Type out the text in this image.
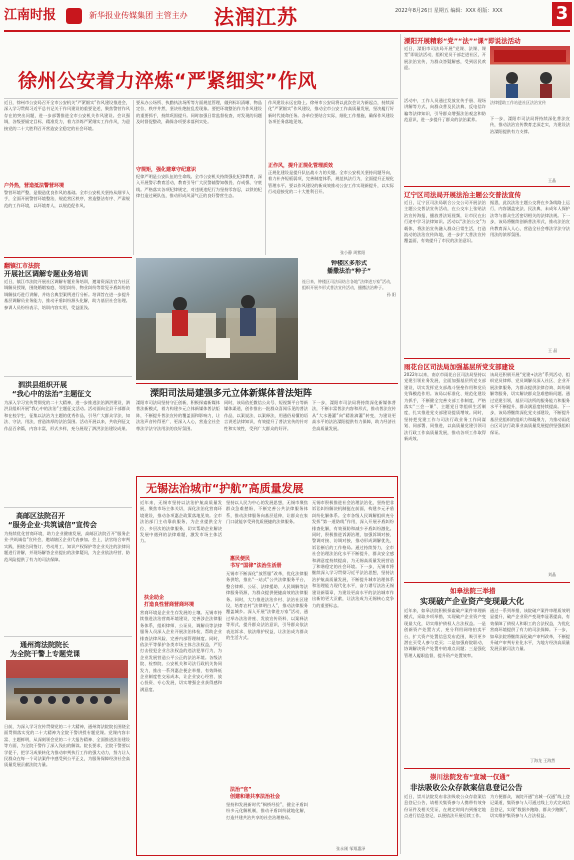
江南时报	新华报业传媒集团 主管主办	法润江苏	2022年8月26日 星期五 编辑：XXX 组版：XXX	3
徐州公安着力淬炼“严紧细实”作风
近日，徐州市公安局召开全市公安机关“严紧细实”作风建设推进会，深入学习贯彻习近平总书记关于作风建设的重要论述，聚焦警营作风存在的突出问题，进一步部署推进全市公安机关作风建设。会议强调，各级要锚定目标、精准发力，着力淬炼严紧细实工作作风，为迎接党的二十大胜利召开营造安全稳定的社会环境。
户外热，营造抵法警营环境
警营环境严整，是锻造优良作风的基础。全市公安机关坚持从细节入手，全面开展警营环境整治，规范营区秩序，营造整洁有序、严肃规范的工作环境，以环境育人，以规范促作风。
要从办公场所、执勤执法场所等方面规范管理，做到标识清晰、物品定位、秩序井然，坚决杜绝脏乱差现象。要把环境整治作为作风建设的重要抓手，持续巩固提升。同时加强日常监督检查，对发现的问题及时督促整改，确保各项要求落到实处。
守规矩，强化建章守纪意识
纪律严明是公安队伍的生命线。全市公安机关持续强化纪律教育，深入开展警示教育活动，教育引导广大民警辅警知敬畏、存戒惧、守底线。严格落实各项纪律规定，对违规违纪行为坚持零容忍，以铁的纪律打造过硬队伍，推动形成风清气正的良好警营生态。
作风建设永远在路上。徐州市公安局将以此次会议为新起点，持续深化“严紧细实”作风建设，推动全市公安工作高质量发展，坚决履行好新时代使命任务。各单位要结合实际，细化工作措施，确保作风建设各项任务落地见效。
正作风，提升正规化管理质效
正规化建设是提升队伍战斗力的关键。全市公安机关坚持问题导向，着力补齐短板弱项，完善制度体系，规范执法行为，全面提升正规化管理水平。要以作风建设的新成效推动公安工作实现新提升，以实际行动迎接党的二十大胜利召开。
张小静 周紫阳
翻镇江市法院
开展社区调解专题业务培训
近日，镇江市法院开展社区调解专题业务培训，邀请资深法官为社区调解员授课，围绕婚姻家庭、邻里纠纷、物业纠纷等常见矛盾纠纷的调解技巧进行讲解，并结合典型案例进行分析。培训旨在进一步提升基层调解员业务能力，推动矛盾纠纷源头化解，助力基层社会治理。参训人员纷纷表示，培训内容实用，受益匪浅。
泗洪县组织开展
“我心中的法治”主题征文
为深入学习宣传贯彻党的二十大精神，进一步推进法治泗洪建设，泗洪县组织开展“我心中的法治”主题征文活动。活动面向全县干部群众和在校学生，征集以法治为主题的优秀作品，引导广大群众学法、知法、守法、用法，营造浓厚的法治氛围。活动开展以来，共收到征文作品百余篇，内容丰富，形式多样，充分展现了泗洪法治建设成果。
高邮区法院召开
“服务企业·共筑诚信”宣传会
为持续优化营商环境，助力企业健康发展，高邮区法院召开“服务企业·共筑诚信”宣传会，邀请辖区企业代表参加。会上，法官结合审判实践，围绕合同签订、劳动用工、知识产权保护等企业关注的法律问题进行讲解，并现场解答企业提出的法律疑问，为企业依法经营、防范风险提供了有力的司法保障。
通州湾法院院长
为全院干警上专题党课
日前，为深入学习宣传贯彻党的二十大精神，通州湾法院院长围绕全面贯彻落实党的二十大精神为全院干警讲授专题党课。党课内容丰富、主题鲜明，从深刻领会党的二十大报告精神、全面推进法治建设等方面，为全院干警作了深入浅出的解读。院长要求，全院干警要以学促干，把学习成果转化为推动审判执行工作的强大动力，努力让人民群众在每一个司法案件中感受到公平正义，为服务保障经济社会高质量发展贡献法院力量。
钟楼区多形式
播撒法治“种子”
连日来，钟楼区司法局结合各地“法律进万家”活动，组织开展多形式普法宣传活动，播撒法治种子。
孙 阳
溧阳司法局建强多元立体新媒体普法矩阵
溧阳市司法局坚持守正创新，积极探索新媒体普法新模式，着力构建多元立体新媒体普法矩阵，不断提升普法宣传的覆盖面和影响力，让法治声音传得更广、更深入人心，营造全社会尊法学法守法用法的良好氛围。
同时，该局依托微信公众号、短视频平台等新媒体渠道，创作推出一批群众喜闻乐见的普法作品，以案说法、以案释法，用通俗易懂的语言讲述法律知识，有效提升了普法宣传的针对性和实效性，受到广大群众的好评。
下一步，溧阳市司法局将持续深化新媒体普法，不断丰富普法内容和形式，推动普法宣传从“大水漫灌”向“精准滴灌”转变，为建设更高水平的法治溧阳提供有力保障，助力经济社会高质量发展。
无锡法治城市“护航”高质量发展
近年来，无锡市坚持以法治护航高质量发展，聚焦市场主体关切，深化法治化营商环境建设，推动各项惠企政策落地见效。全市法治部门主动靠前服务，为企业提供全方位、多层次的法律服务，切实帮助企业解决发展中遇到的法律难题，激发市场主体活力。
扶企助企
打造良性营商营商环境
营商环境是企业生存发展的土壤。无锡市持续推进法治营商环境建设，完善涉企法律服务体系，组织律师、公证员、调解员等法律服务人员深入企业开展法治体检，帮助企业排查法律风险、完善内部管理制度。同时，依法平等保护各类市场主体合法权益，严厉打击侵犯企业合法权益的违法犯罪行为，为企业发展营造公平公正的法治环境。各级法院、检察院、公安机关和司法行政机关协同发力，推出一系列惠企便企举措，有效降低企业制度性交易成本，让企业安心经营、放心投资、专心发展，切实增强企业获得感和满意度。
坚持以人民为中心的发展思想，无锡市聚焦群众急难愁盼，不断完善公共法律服务体系，推动法律服务向基层延伸，让群众在家门口就能享受到优质便捷的法律服务。
惠民便民
书写“国律”法治生活册
无锡市不断深化“放管服”改革，优化法律服务供给，推出“一站式”公共法律服务平台，整合律师、公证、法律援助、人民调解等法律服务资源，为群众提供便捷高效的法律服务。同时，大力推进法治乡村、法治社区建设，培育农村“法律明白人”，推动法律服务覆盖城乡。深入开展“法律进万家”活动，通过举办法治讲座、发放宣传资料、以案释法等形式，提升群众法治意识，引导群众依法表达诉求、依法维护权益，让法治成为群众的生活方式。
法治“官”
创建和谐共享法治社会
坚持和发展新时代“枫桥经验”，健全矛盾纠纷多元化解机制，推动矛盾纠纷就地化解，打造共建共治共享的社会治理格局。
无锡市积极推进社会治理法治化，坚持把非诉讼纠纷解决机制挺在前面，构建多元矛盾纠纷化解体系。全市各级人民调解组织充分发挥“第一道防线”作用，深入开展矛盾纠纷排查化解，有效预防和减少矛盾纠纷激化。同时，积极推进诉源治理，加强诉调对接、警调对接、访调对接，推动形成调解优先、诉讼断后的工作格局。通过持续努力，全市社会治理法治化水平不断提升，群众安全感和满意度持续提高，为无锡高质量发展营造了和谐稳定的社会环境。下一步，无锡市将继续深入学习贯彻习近平法治思想，坚持法治护航高质量发展，不断提升城市治理体系和治理能力现代化水平，奋力谱写法治无锡建设新篇章，为建设更高水平的法治城市作出新的更大贡献，让法治成为无锡核心竞争力的重要标志。
张永刚 邹翔惠泽
溧阳开展精彩“党”“法”“课”即说法活动
近日，溧阳市司法局开展“党课、法课、课堂”即说法活动，组织党员干部走进社区，开展法治宣传，为群众答疑解惑，受到居民欢迎。
活动中，工作人员通过发放宣传手册、现场讲解等方式，向群众普及民法典、反电信诈骗等法律知识，引导群众增强法治观念和防范意识，进一步提升了群众的法治素养。
法律援助工作站进社区法治宣传
下一步，溧阳市司法局将持续深化普法宣传，推动法治宣传教育走深走实，为建设法治溧阳提供有力支撑。
王晶
辽宁区司法局开展法治主题公交普法宣传
近日，辽宁区司法局联合公交公司开展法治主题公交普法宣传活动，在公交车上张贴法治宣传海报，播放普法短视频，让市民在出行途中学习法律知识。活动以“法治公交”为载体，将法治宣传融入群众日常生活，打造流动的法治宣传阵地，进一步扩大普法宣传覆盖面，有效提升了市民的法治意识。
据悉，此次法治主题公交将在多条线路上运行，内容涵盖宪法、民法典、未成年人保护法等与群众生活密切相关的法律法规。下一步，该局将继续创新普法形式，推动法治宣传教育深入人心，营造全社会尊法学法守法用法的浓厚氛围。
王 晶
雨花台区司法局加强基层所党支部建设
2022年以来，南京市雨花台区司法局坚持以党建引领业务发展，全面加强基层所党支部建设，切实发挥党支部战斗堡垒作用和党员先锋模范作用。该局以标准化、规范化建设为抓手，不断健全完善支部工作制度，严格落实“三会一课”、主题党日等组织生活制度，扎实推进党支部建设提质增效。同时，坚持把党建工作与司法行政业务工作同谋划、同部署、同推进，以高质量党建引领司法行政工作高质量发展，推动各项工作取得新成效。
该局还积极开展“党建+法治”系列活动，组织党员律师、党员调解员深入社区、企业开展法律服务，为群众提供法律咨询、纠纷调解等服务，切实解决群众急难愁盼问题。通过党建引领，基层司法所的服务能力和服务水平不断提升，群众满意度持续提高。下一步，该局将继续深化党支部建设，不断提升基层党组织的组织力和凝聚力，为推动雨花台区司法行政事业高质量发展提供坚强组织保证。
刘晶
如皋法院三举措
实现破产企业资产变现最大化
近年来，如皋法院积极探索破产案件审理新模式，采取多项举措，实现破产企业资产变现最大化，切实维护债权人合法权益。一是创新资产处置方式，充分利用网络拍卖平台，扩大资产处置信息发布范围，吸引更多潜在买受人参与竞买；二是加强府院联动，协调解决资产处置中的难点问题；三是强化管理人履职监督，提升资产处置效率。
通过一系列举措，该院破产案件审理质效明显提升，破产企业资产变现率显著提高，有效保障了债权人和职工的合法权益，为优化营商环境提供了有力的司法保障。下一步，如皋法院将继续深化破产审判改革，不断提升破产审判专业化水平，为地方经济高质量发展贡献司法力量。
丁海龙 王海然
崇川法院发布“宣城一仅通”
非法吸收公众存款案信息登记公告
近日，崇川法院发布非法吸收公众存款案信息登记公告，请相关集资参与人携带有效身份证件及相关凭证，在规定时间内到指定地点进行信息登记，以便依法开展后续工作。
为方便群众，该院开通“宣城一仅通”线上登记渠道，集资参与人可通过线上方式完成信息登记，实现“数据多跑路、群众少跑腿”，切实维护集资参与人合法权益。
